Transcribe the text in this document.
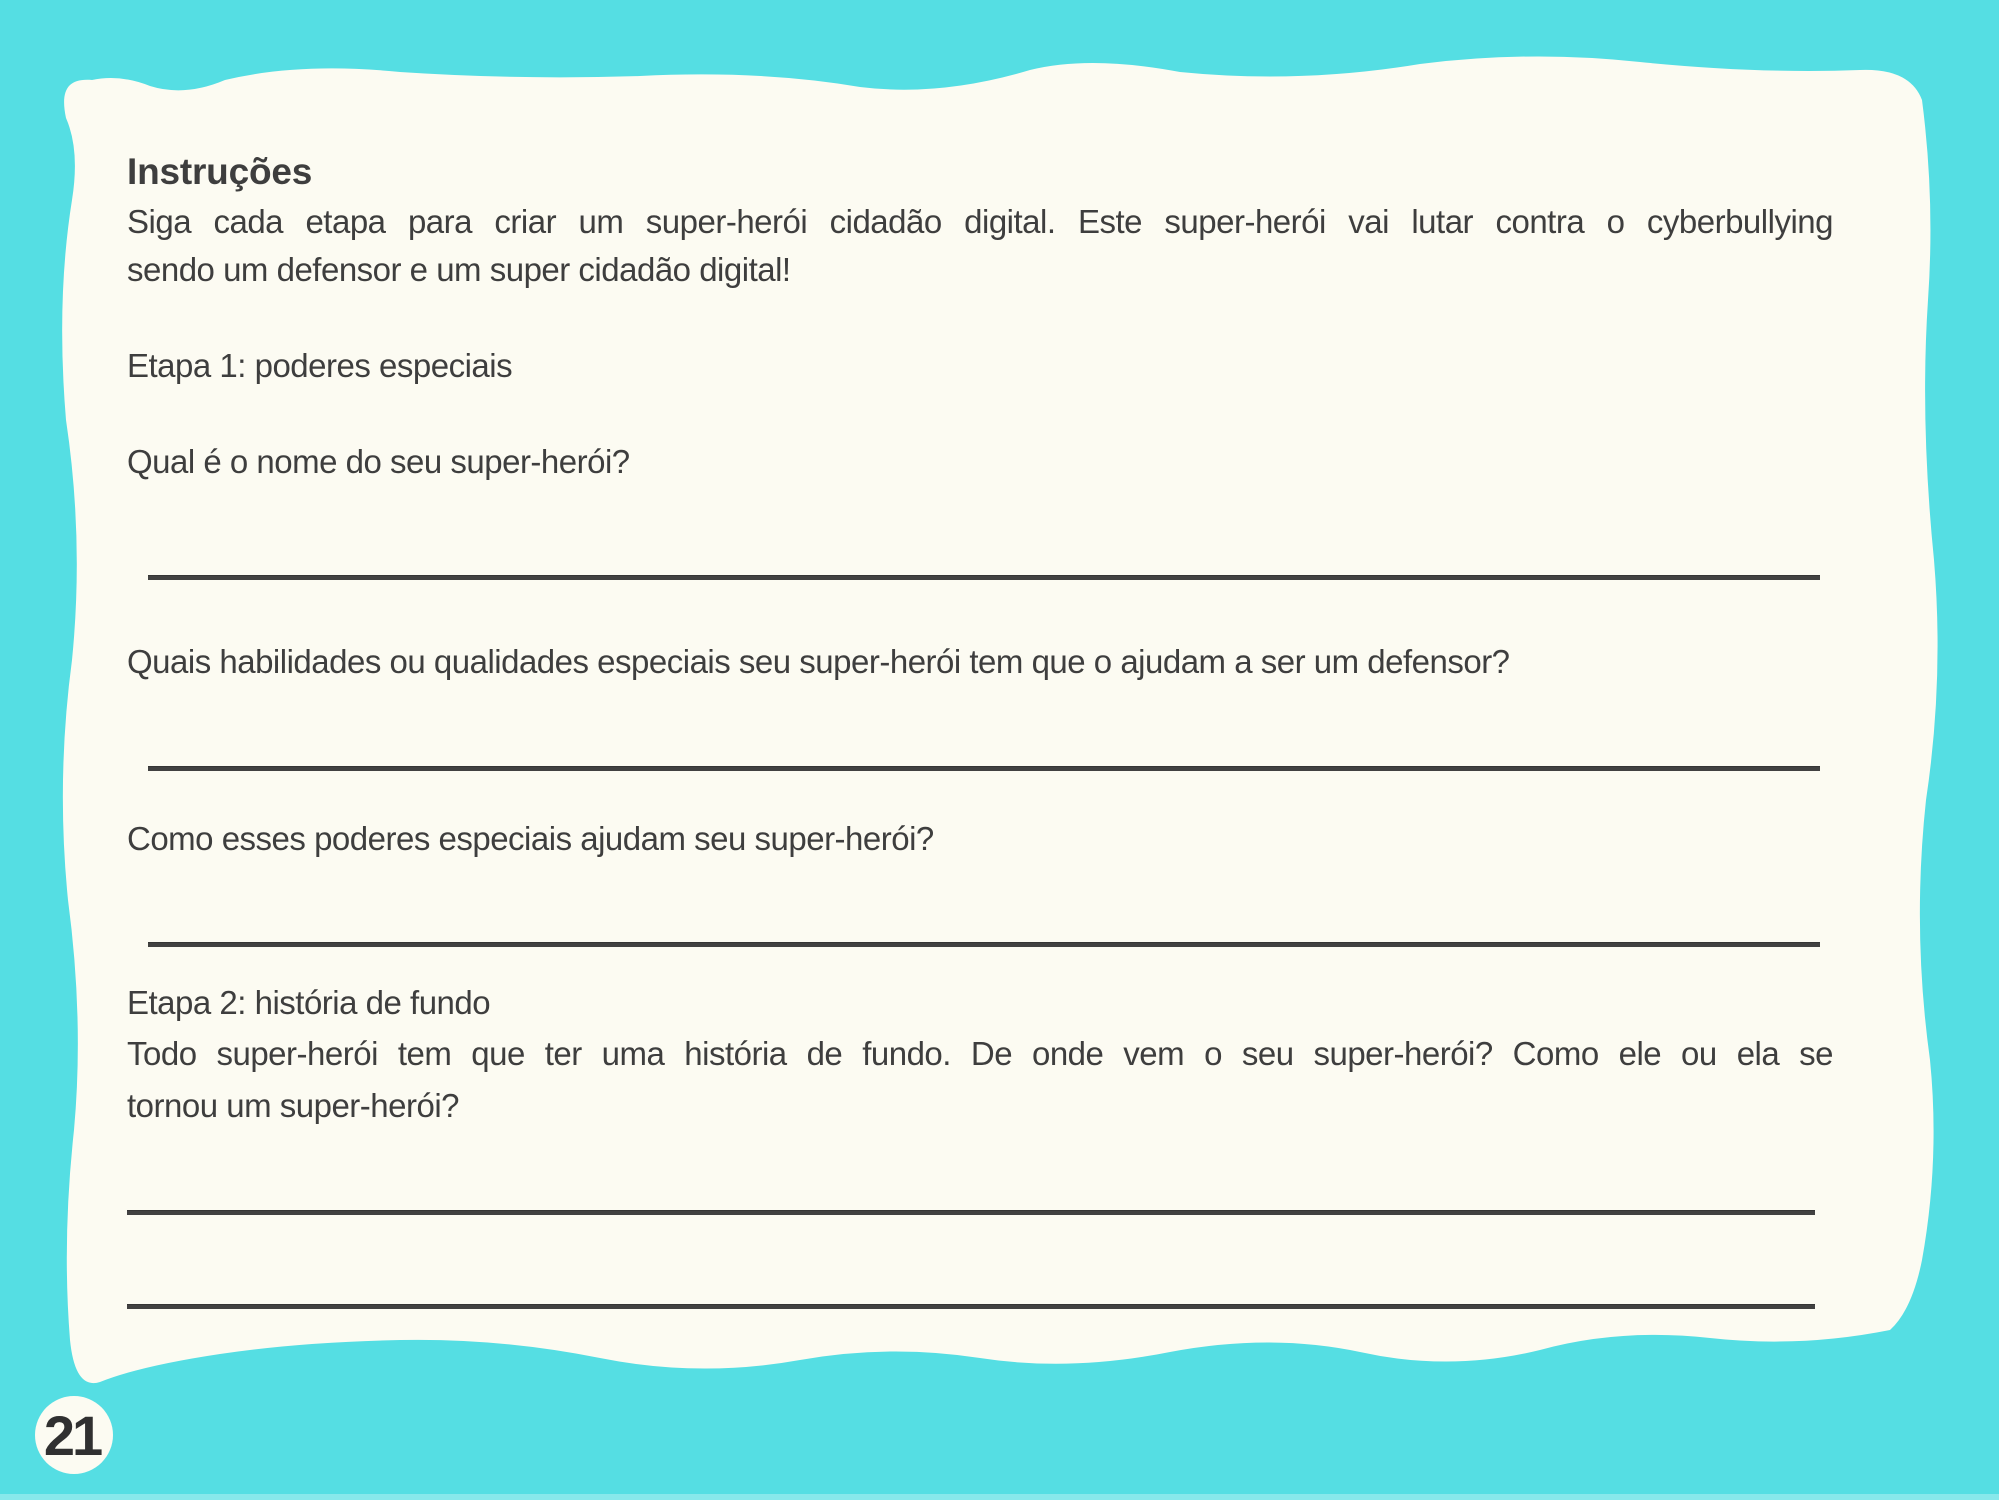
Instruções
Siga cada etapa para criar um super-herói cidadão digital. Este super-herói vai lutar contra o cyberbullying
sendo um defensor e um super cidadão digital!
Etapa 1: poderes especiais
Qual é o nome do seu super-herói?
Quais habilidades ou qualidades especiais seu super-herói tem que o ajudam a ser um defensor?
Como esses poderes especiais ajudam seu super-herói?
Etapa 2: história de fundo
Todo super-herói tem que ter uma história de fundo. De onde vem o seu super-herói? Como ele ou ela se
tornou um super-herói?
21
